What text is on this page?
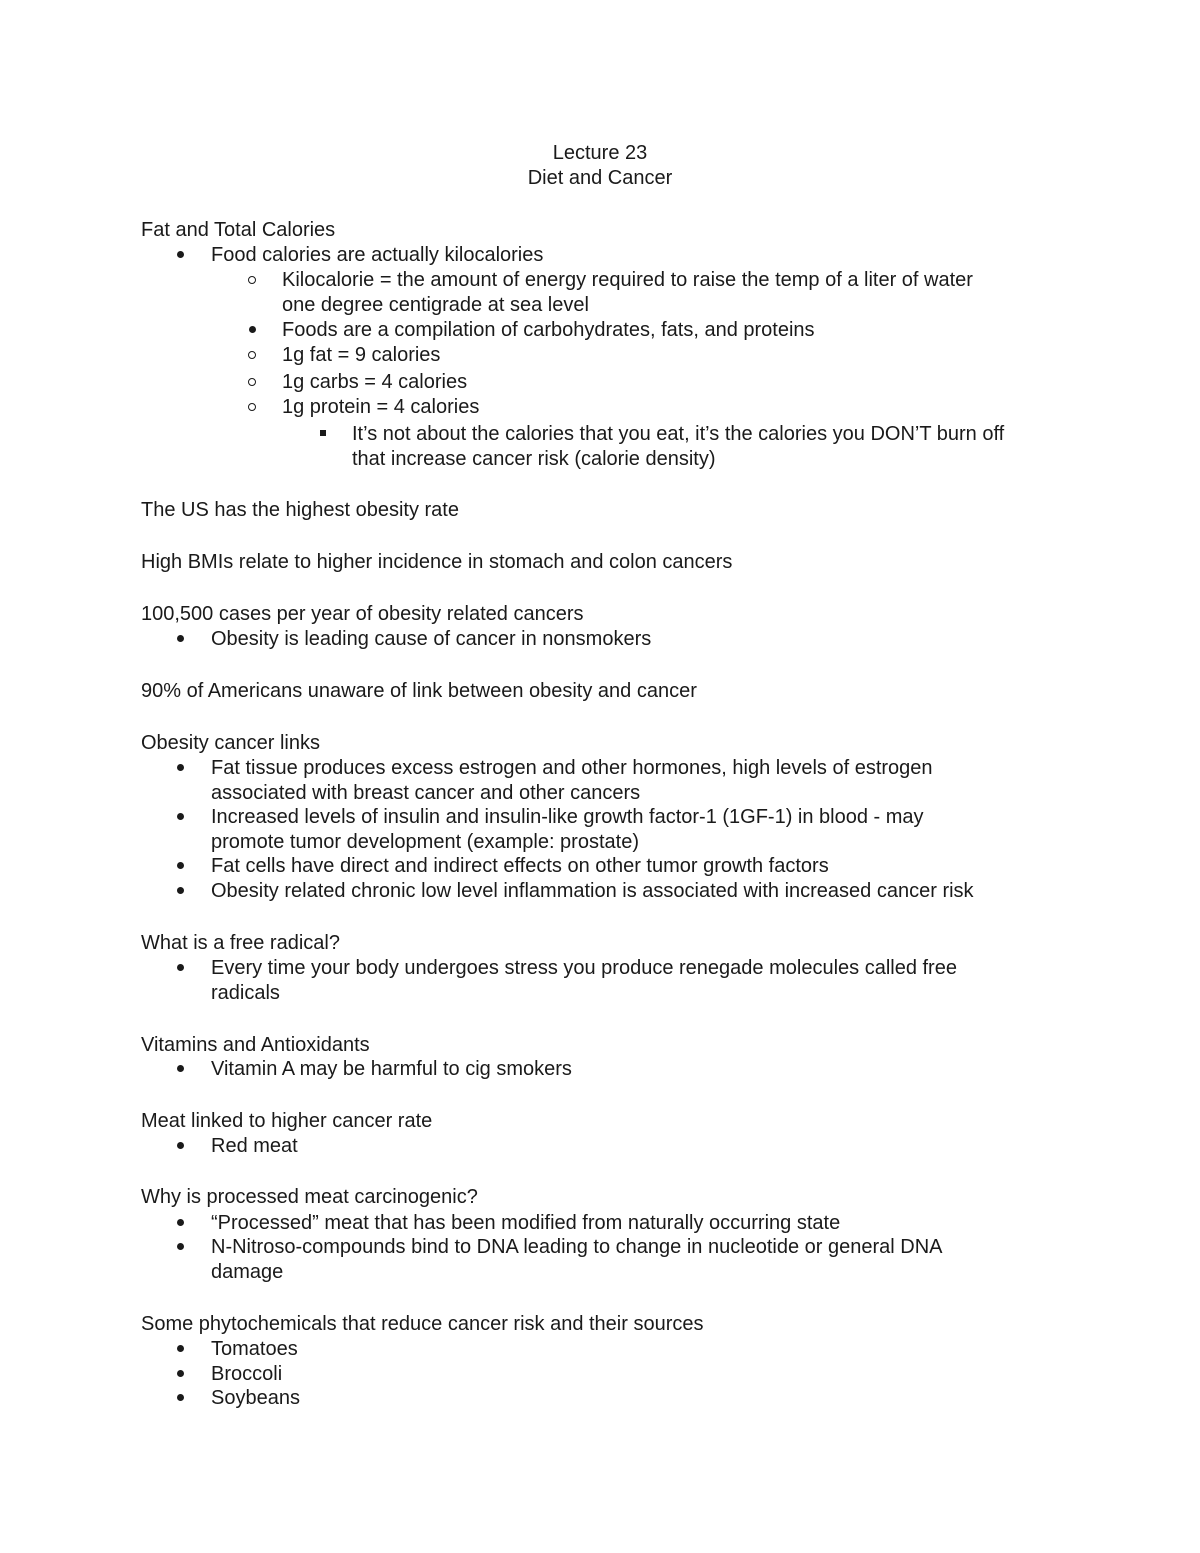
Lecture 23
Diet and Cancer
Fat and Total Calories
Food calories are actually kilocalories
Kilocalorie = the amount of energy required to raise the temp of a liter of water
one degree centigrade at sea level
Foods are a compilation of carbohydrates, fats, and proteins
1g fat = 9 calories
1g carbs = 4 calories
1g protein = 4 calories
It’s not about the calories that you eat, it’s the calories you DON’T burn off
that increase cancer risk (calorie density)
The US has the highest obesity rate
High BMIs relate to higher incidence in stomach and colon cancers
100,500 cases per year of obesity related cancers
Obesity is leading cause of cancer in nonsmokers
90% of Americans unaware of link between obesity and cancer
Obesity cancer links
Fat tissue produces excess estrogen and other hormones, high levels of estrogen
associated with breast cancer and other cancers
Increased levels of insulin and insulin-like growth factor-1 (1GF-1) in blood - may
promote tumor development (example: prostate)
Fat cells have direct and indirect effects on other tumor growth factors
Obesity related chronic low level inflammation is associated with increased cancer risk
What is a free radical?
Every time your body undergoes stress you produce renegade molecules called free
radicals
Vitamins and Antioxidants
Vitamin A may be harmful to cig smokers
Meat linked to higher cancer rate
Red meat
Why is processed meat carcinogenic?
“Processed” meat that has been modified from naturally occurring state
N-Nitroso-compounds bind to DNA leading to change in nucleotide or general DNA
damage
Some phytochemicals that reduce cancer risk and their sources
Tomatoes
Broccoli
Soybeans
